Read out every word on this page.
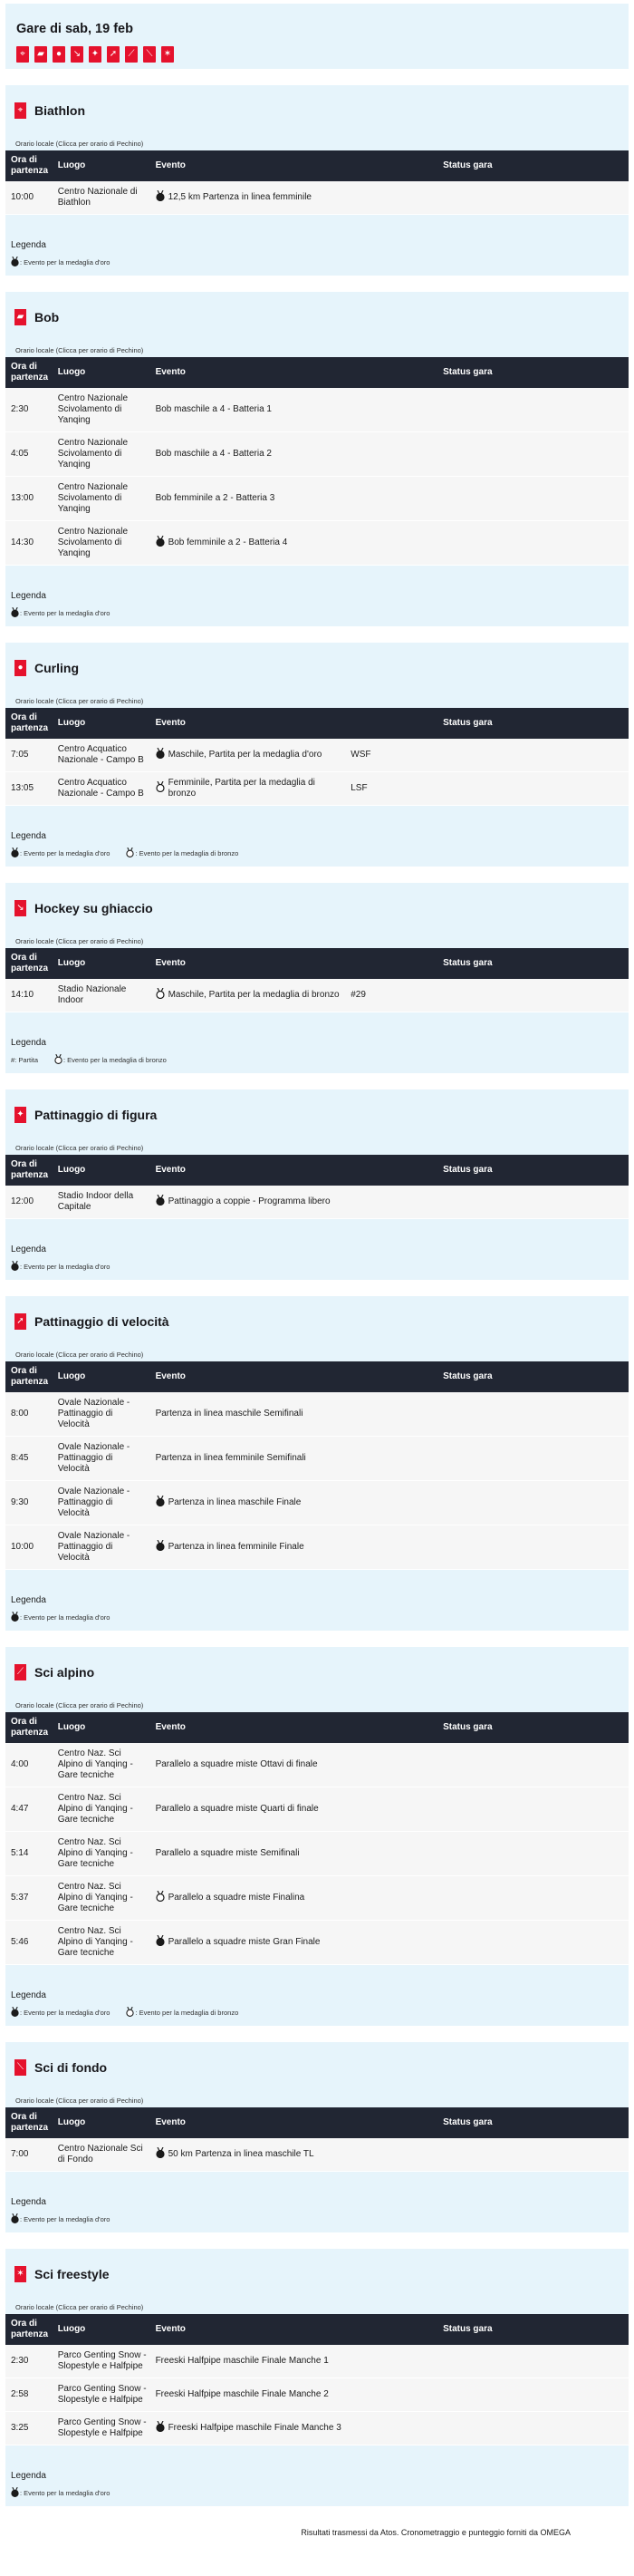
Gare di sab, 19 feb
⌖	▰	●	↘ ✦ ➚	⟋	⟍	✶
⌖ Biathlon
Orario locale (Clicca per orario di Pechino)
Ora di partenza	Luogo	Evento		Status gara
10:00	Centro Nazionale di Biathlon	12,5 km Partenza in linea femminile		

Legenda
: Evento per la medaglia d'oro
▰ Bob
Orario locale (Clicca per orario di Pechino)
Ora di partenza	Luogo	Evento		Status gara
2:30	Centro Nazionale Scivolamento di Yanqing	Bob maschile a 4 - Batteria 1		

4:05	Centro Nazionale Scivolamento di Yanqing	Bob maschile a 4 - Batteria 2		

13:00	Centro Nazionale Scivolamento di Yanqing	Bob femminile a 2 - Batteria 3		

14:30	Centro Nazionale Scivolamento di Yanqing	Bob femminile a 2 - Batteria 4		

Legenda
: Evento per la medaglia d'oro
● Curling
Orario locale (Clicca per orario di Pechino)
Ora di partenza	Luogo	Evento		Status gara
7:05	Centro Acquatico Nazionale - Campo B	Maschile, Partita per la medaglia d'oro	WSF	
13:05	Centro Acquatico Nazionale - Campo B	Femminile, Partita per la medaglia di bronzo	LSF	
Legenda
: Evento per la medaglia d'oro	: Evento per la medaglia di bronzo
↘ Hockey su ghiaccio
Orario locale (Clicca per orario di Pechino)
Ora di partenza	Luogo	Evento		Status gara
14:10	Stadio Nazionale Indoor	Maschile, Partita per la medaglia di bronzo	#29	
Legenda
#: Partita	: Evento per la medaglia di bronzo
✦ Pattinaggio di figura
Orario locale (Clicca per orario di Pechino)
Ora di partenza	Luogo	Evento		Status gara
12:00	Stadio Indoor della Capitale	Pattinaggio a coppie - Programma libero		

Legenda
: Evento per la medaglia d'oro
➚ Pattinaggio di velocità
Orario locale (Clicca per orario di Pechino)
Ora di partenza	Luogo	Evento		Status gara
8:00	Ovale Nazionale - Pattinaggio di Velocità	Partenza in linea maschile Semifinali		

8:45	Ovale Nazionale - Pattinaggio di Velocità	Partenza in linea femminile Semifinali		

9:30	Ovale Nazionale - Pattinaggio di Velocità	Partenza in linea maschile Finale		

10:00	Ovale Nazionale - Pattinaggio di Velocità	Partenza in linea femminile Finale		

Legenda
: Evento per la medaglia d'oro
⟋ Sci alpino
Orario locale (Clicca per orario di Pechino)
Ora di partenza	Luogo	Evento		Status gara
4:00	Centro Naz. Sci Alpino di Yanqing - Gare tecniche	Parallelo a squadre miste Ottavi di finale		

4:47	Centro Naz. Sci Alpino di Yanqing - Gare tecniche	Parallelo a squadre miste Quarti di finale		

5:14	Centro Naz. Sci Alpino di Yanqing - Gare tecniche	Parallelo a squadre miste Semifinali		

5:37	Centro Naz. Sci Alpino di Yanqing - Gare tecniche	Parallelo a squadre miste Finalina		

5:46	Centro Naz. Sci Alpino di Yanqing - Gare tecniche	Parallelo a squadre miste Gran Finale		

Legenda
: Evento per la medaglia d'oro	: Evento per la medaglia di bronzo
⟍ Sci di fondo
Orario locale (Clicca per orario di Pechino)
Ora di partenza	Luogo	Evento		Status gara
7:00	Centro Nazionale Sci di Fondo	50 km Partenza in linea maschile TL		

Legenda
: Evento per la medaglia d'oro
✶ Sci freestyle
Orario locale (Clicca per orario di Pechino)
Ora di partenza	Luogo	Evento		Status gara
2:30	Parco Genting Snow -Slopestyle e Halfpipe	Freeski Halfpipe maschile Finale Manche 1		

2:58	Parco Genting Snow -Slopestyle e Halfpipe	Freeski Halfpipe maschile Finale Manche 2		

3:25	Parco Genting Snow -Slopestyle e Halfpipe	Freeski Halfpipe maschile Finale Manche 3		

Legenda
: Evento per la medaglia d'oro
Risultati trasmessi da Atos. Cronometraggio e punteggio forniti da OMEGA
